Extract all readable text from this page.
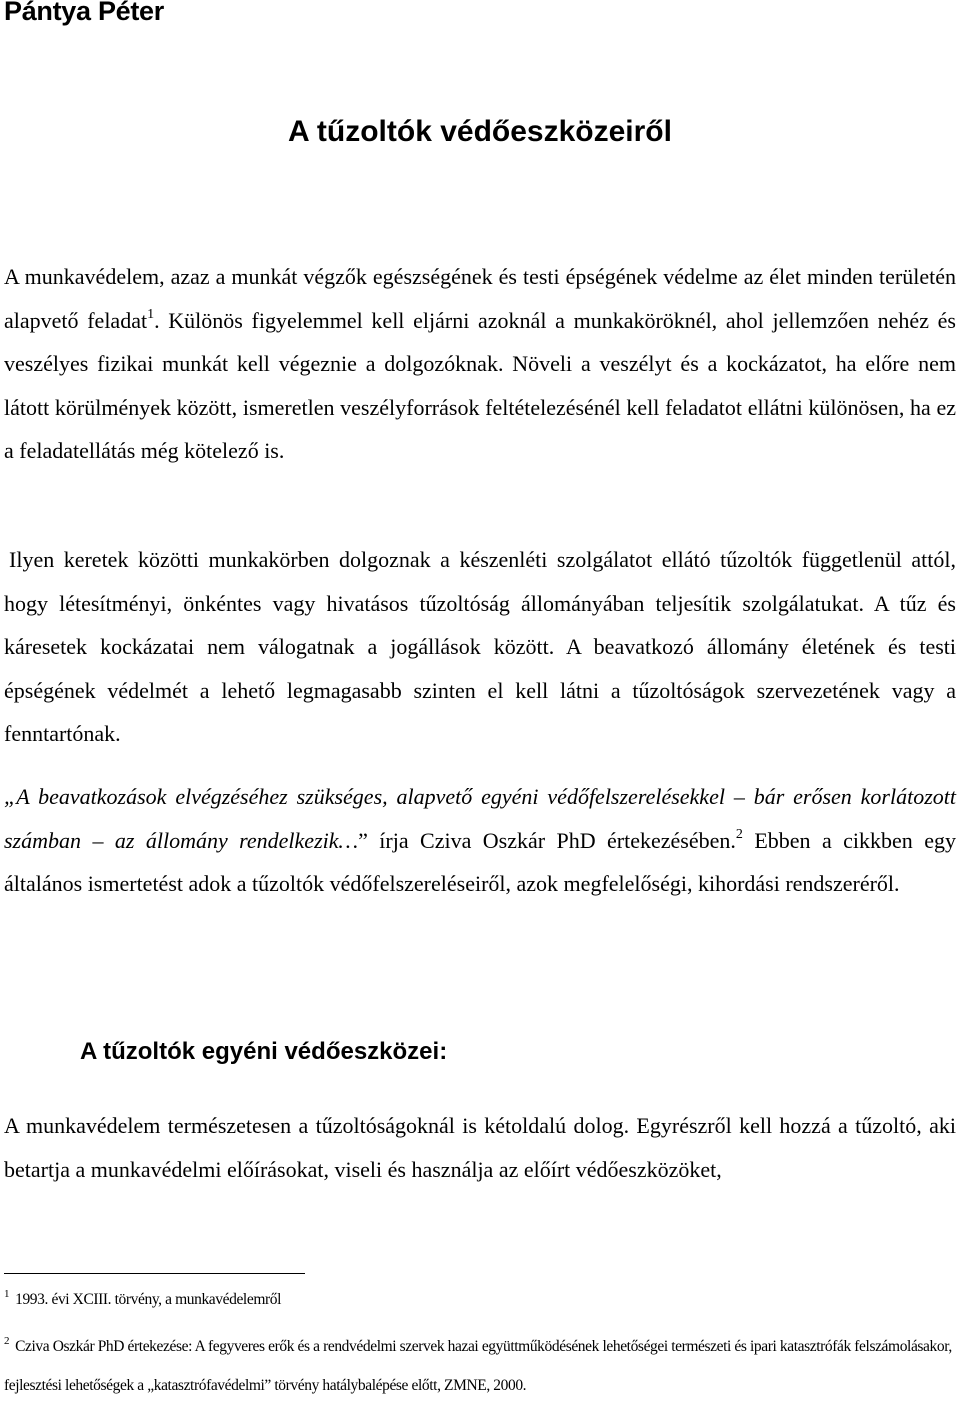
Pántya Péter
A tűzoltók védőeszközeiről

A munkavédelem, azaz a munkát végzők egészségének és testi épségének védelme az élet minden területén alapvető feladat$^1$. Különös figyelemmel kell eljárni azoknál a munkaköröknél, ahol jellemzően nehéz és veszélyes fizikai munkát kell végeznie a dolgozóknak. Növeli a veszélyt és a kockázatot, ha előre nem látott körülmények között, ismeretlen veszélyforrások feltételezésénél kell feladatot ellátni különösen, ha ez a feladatellátás még kötelező is.

Ilyen keretek közötti munkakörben dolgoznak a készenléti szolgálatot ellátó tűzoltók függetlenül attól, hogy létesítményi, önkéntes vagy hivatásos tűzoltóság állományában teljesítik szolgálatukat. A tűz és káresetek kockázatai nem válogatnak a jogállások között. A beavatkozó állomány életének és testi épségének védelmét a lehető legmagasabb szinten el kell látni a tűzoltóságok szervezetének vagy a fenntartónak.

„A beavatkozások elvégzéséhez szükséges, alapvető egyéni védőfelszerelésekkel – bár erősen korlátozott számban – az állomány rendelkezik…” írja Cziva Oszkár PhD értekezésében.$^2$ Ebben a cikkben egy általános ismertetést adok a tűzoltók védőfelszereléseiről, azok megfelelőségi, kihordási rendszeréről.

A tűzoltók egyéni védőeszközei:

A munkavédelem természetesen a tűzoltóságoknál is kétoldalú dolog. Egyrészről kell hozzá a tűzoltó, aki betartja a munkavédelmi előírásokat, viseli és használja az előírt védőeszközöket,

$^1$ 1993. évi XCIII. törvény, a munkavédelemről
$^2$ Cziva Oszkár PhD értekezése: A fegyveres erők és a rendvédelmi szervek hazai együttműködésének lehetőségei természeti és ipari katasztrófák felszámolásakor, fejlesztési lehetőségek a „katasztrófavédelmi” törvény hatálybalépése előtt, ZMNE, 2000.
